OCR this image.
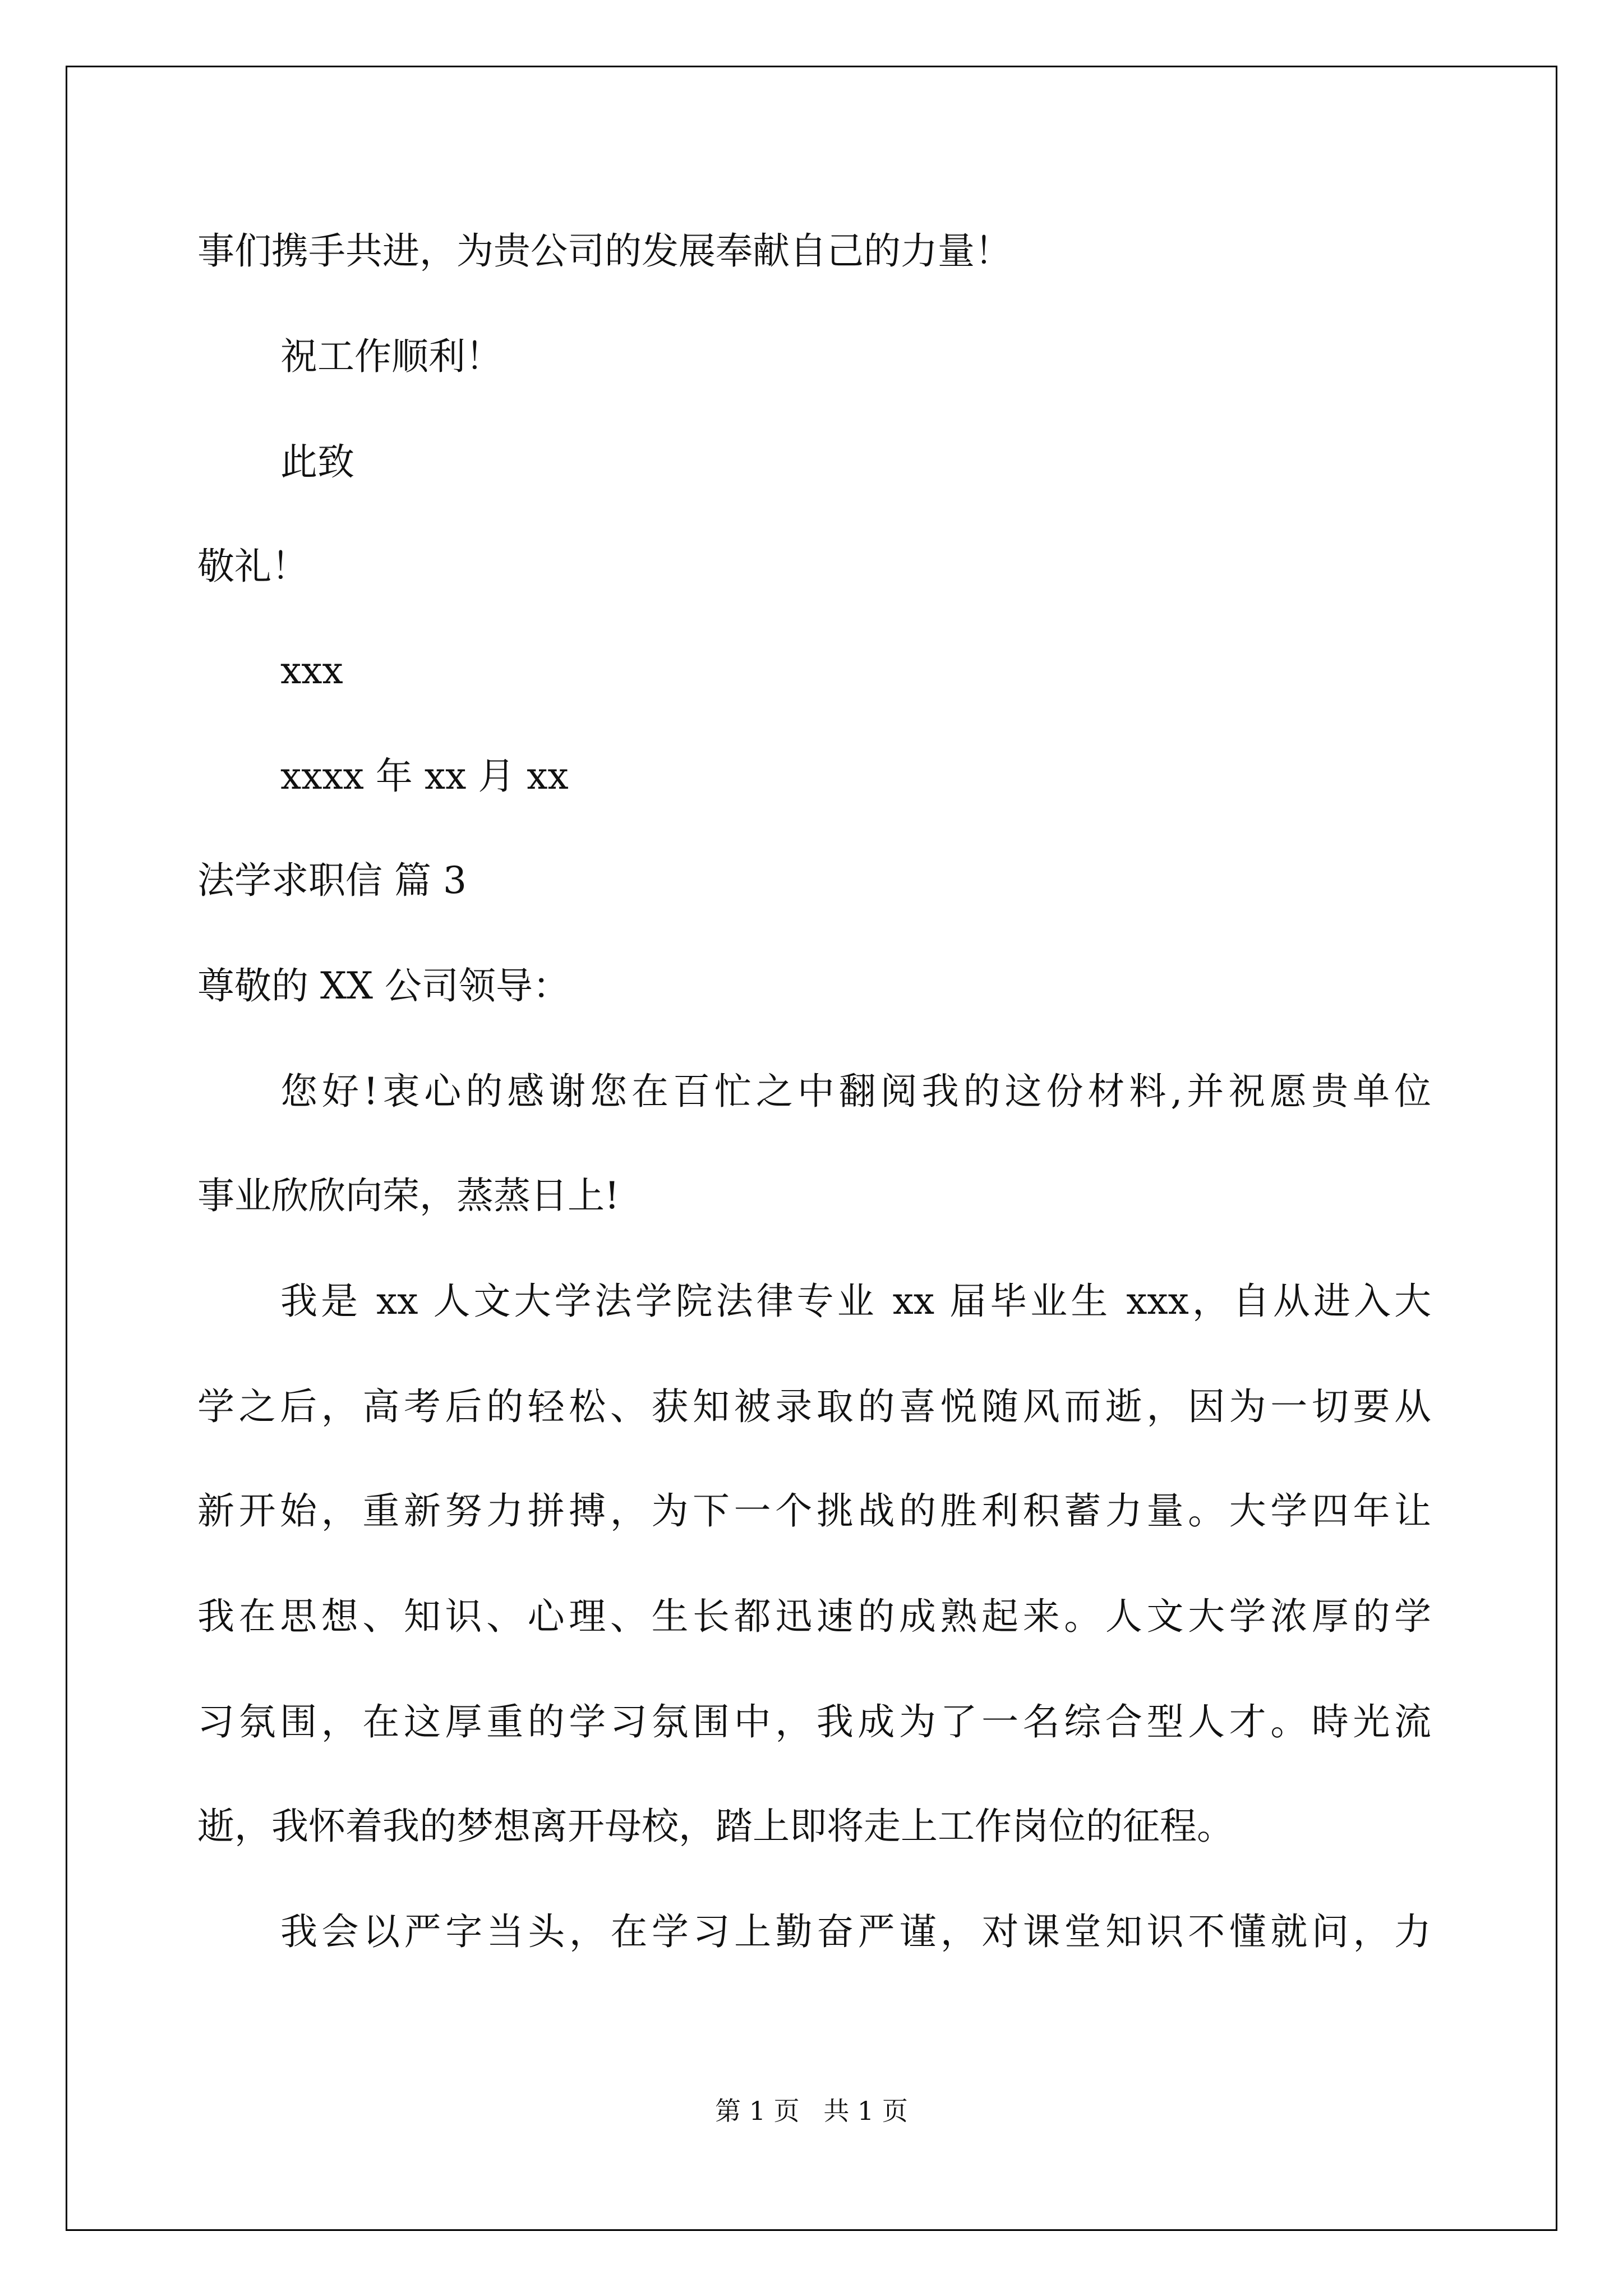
事们携手共进，为贵公司的发展奉献自己的力量！
祝工作顺利！
此致
敬礼！
xxx
xxxx 年 xx 月 xx
法学求职信 篇 3
尊敬的 XX 公司领导：
您好!衷心的感谢您在百忙之中翻阅我的这份材料,并祝愿贵单位
事业欣欣向荣，蒸蒸日上!
我是 xx 人文大学法学院法律专业 xx 届毕业生 xxx，自从进入大
学之后，高考后的轻松、获知被录取的喜悦随风而逝，因为一切要从
新开始，重新努力拼搏，为下一个挑战的胜利积蓄力量。大学四年让
我在思想、知识、心理、生长都迅速的成熟起来。人文大学浓厚的学
习氛围，在这厚重的学习氛围中，我成为了一名综合型人才。時光流
逝，我怀着我的梦想离开母校，踏上即将走上工作岗位的征程。
我会以严字当头，在学习上勤奋严谨，对课堂知识不懂就问，力
第 1 页 共 1 页
